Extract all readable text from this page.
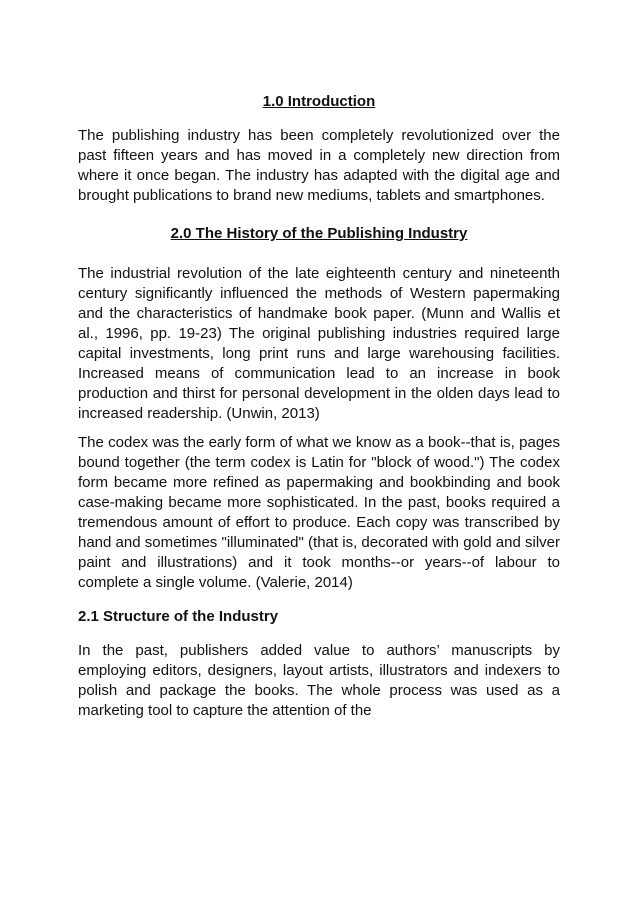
1.0 Introduction

The publishing industry has been completely revolutionized over the past fifteen years and has moved in a completely new direction from where it once began. The industry has adapted with the digital age and brought publications to brand new mediums, tablets and smartphones.

2.0 The History of the Publishing Industry

The industrial revolution of the late eighteenth century and nineteenth century significantly influenced the methods of Western papermaking and the characteristics of handmake book paper. (Munn and Wallis et al., 1996, pp. 19-23) The original publishing industries required large capital investments, long print runs and large warehousing facilities. Increased means of communication lead to an increase in book production and thirst for personal development in the olden days lead to increased readership. (Unwin, 2013)

The codex was the early form of what we know as a book--that is, pages bound together (the term codex is Latin for "block of wood.") The codex form became more refined as papermaking and bookbinding and book case-making became more sophisticated. In the past, books required a tremendous amount of effort to produce. Each copy was transcribed by hand and sometimes "illuminated" (that is, decorated with gold and silver paint and illustrations) and it took months--or years--of labour to complete a single volume. (Valerie, 2014)

2.1 Structure of the Industry

In the past, publishers added value to authors’ manuscripts by employing editors, designers, layout artists, illustrators and indexers to polish and package the books. The whole process was used as a marketing tool to capture the attention of the
